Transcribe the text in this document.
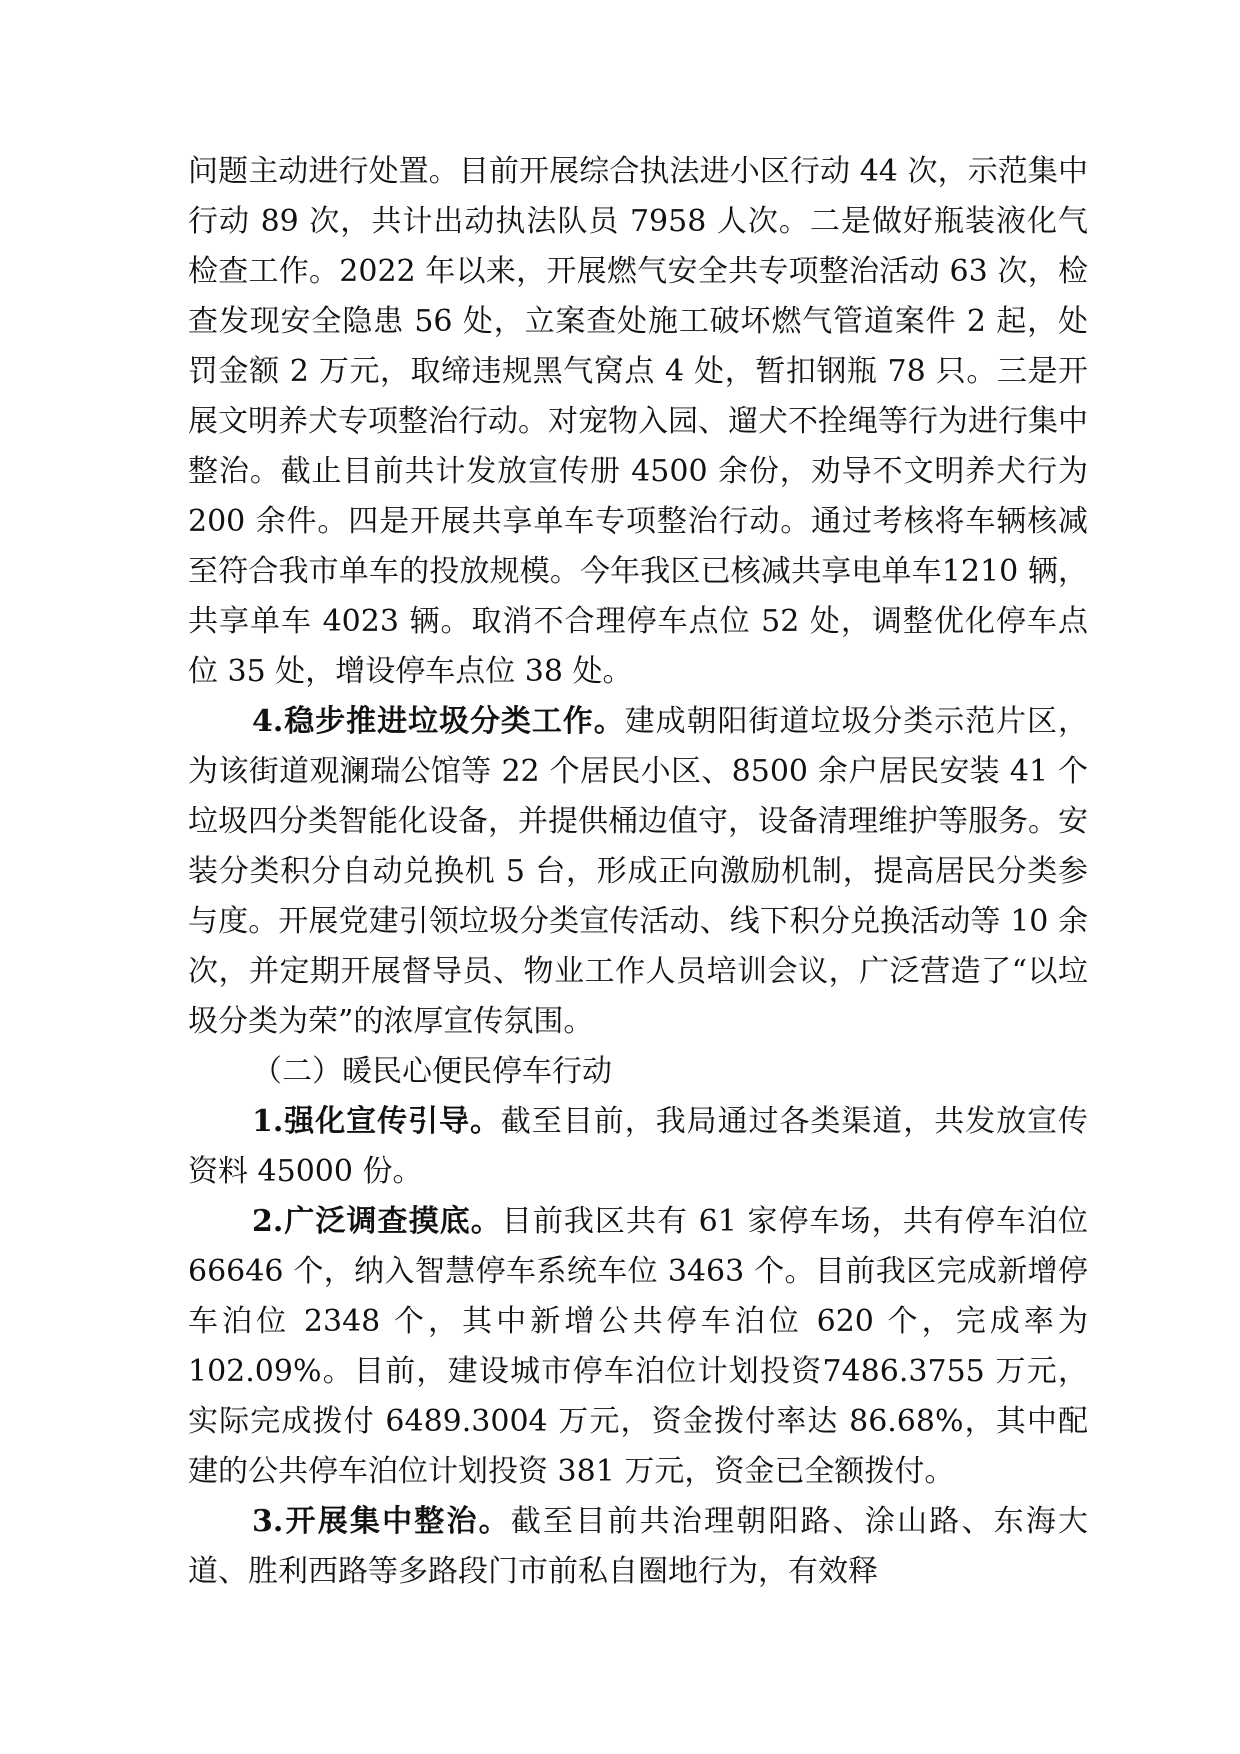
问题主动进行处置。目前开展综合执法进小区行动 44 次，示范集中行动 89 次，共计出动执法队员 7958 人次。二是做好瓶装液化气检查工作。2022 年以来，开展燃气安全共专项整治活动 63 次，检查发现安全隐患 56 处，立案查处施工破坏燃气管道案件 2 起，处罚金额 2 万元，取缔违规黑气窝点 4 处，暂扣钢瓶 78 只。三是开展文明养犬专项整治行动。对宠物入园、遛犬不拴绳等行为进行集中整治。截止目前共计发放宣传册 4500 余份，劝导不文明养犬行为 200 余件。四是开展共享单车专项整治行动。通过考核将车辆核减至符合我市单车的投放规模。今年我区已核减共享电单车1210 辆，共享单车 4023 辆。取消不合理停车点位 52 处，调整优化停车点位 35 处，增设停车点位 38 处。

4.稳步推进垃圾分类工作。建成朝阳街道垃圾分类示范片区，为该街道观澜瑞公馆等 22 个居民小区、8500 余户居民安装 41 个垃圾四分类智能化设备，并提供桶边值守，设备清理维护等服务。安装分类积分自动兑换机 5 台，形成正向激励机制，提高居民分类参与度。开展党建引领垃圾分类宣传活动、线下积分兑换活动等 10 余次，并定期开展督导员、物业工作人员培训会议，广泛营造了“以垃圾分类为荣”的浓厚宣传氛围。

（二）暖民心便民停车行动

1.强化宣传引导。截至目前，我局通过各类渠道，共发放宣传资料 45000 份。

2.广泛调查摸底。目前我区共有 61 家停车场，共有停车泊位 66646 个，纳入智慧停车系统车位 3463 个。目前我区完成新增停车泊位 2348 个，其中新增公共停车泊位 620 个，完成率为 102.09%。目前，建设城市停车泊位计划投资7486.3755 万元，实际完成拨付 6489.3004 万元，资金拨付率达 86.68%，其中配建的公共停车泊位计划投资 381 万元，资金已全额拨付。

3.开展集中整治。截至目前共治理朝阳路、涂山路、东海大道、胜利西路等多路段门市前私自圈地行为，有效释
